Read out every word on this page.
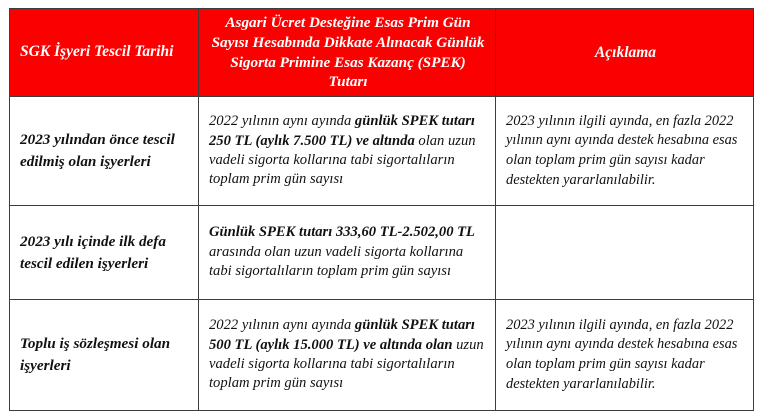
SGK İşyeri Tescil Tarihi	Asgari Ücret Desteğine Esas Prim Gün Sayısı Hesabında Dikkate Alınacak Günlük Sigorta Primine Esas Kazanç (SPEK) Tutarı	Açıklama
2023 yılından önce tescil edilmiş olan işyerleri	2022 yılının aynı ayında günlük SPEK tutarı 250 TL (aylık 7.500 TL) ve altında olan uzun vadeli sigorta kollarına tabi sigortalıların toplam prim gün sayısı	2023 yılının ilgili ayında, en fazla 2022 yılının aynı ayında destek hesabına esas olan toplam prim gün sayısı kadar destekten yararlanılabilir.
2023 yılı içinde ilk defa tescil edilen işyerleri	Günlük SPEK tutarı 333,60 TL-2.502,00 TL arasında olan uzun vadeli sigorta kollarına tabi sigortalıların toplam prim gün sayısı	
Toplu iş sözleşmesi olan işyerleri	2022 yılının aynı ayında günlük SPEK tutarı 500 TL (aylık 15.000 TL) ve altında olan uzun vadeli sigorta kollarına tabi sigortalıların toplam prim gün sayısı	2023 yılının ilgili ayında, en fazla 2022 yılının aynı ayında destek hesabına esas olan toplam prim gün sayısı kadar destekten yararlanılabilir.
